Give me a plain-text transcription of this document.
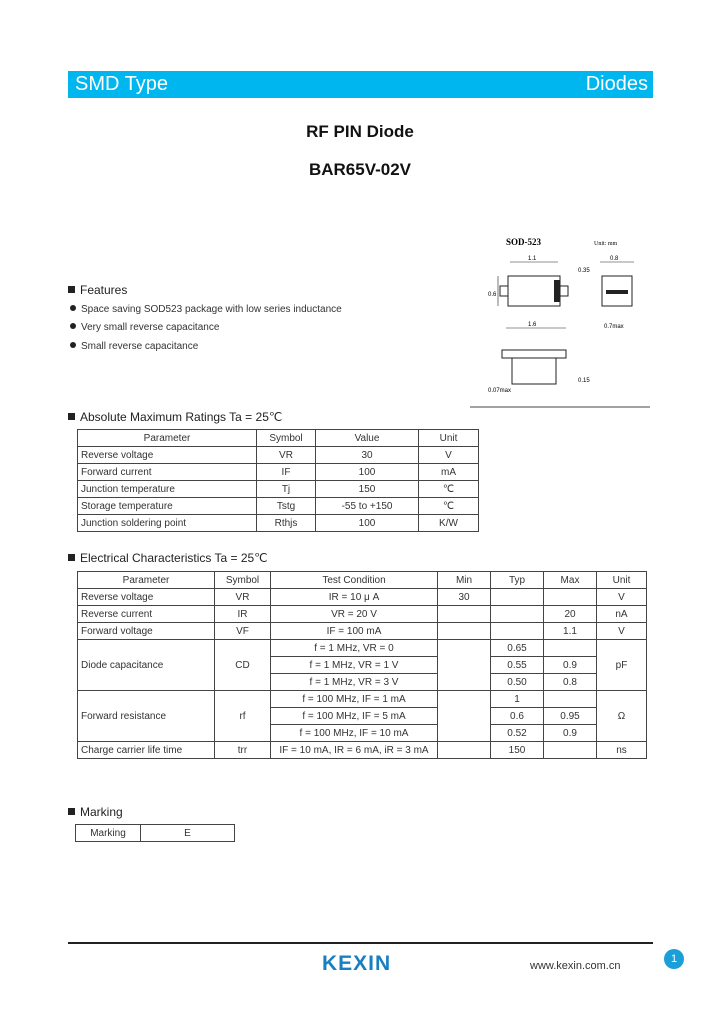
SMD Type	Diodes
RF PIN Diode
BAR65V-02V
SOD-523	Unit: mm
1.1
0.6
0.35
1.6
0.8
0.7max
0.07max
0.15
Features
Space saving SOD523 package with low series inductance
Very small reverse capacitance
Small reverse capacitance
Absolute Maximum Ratings Ta = 25℃
Parameter	Symbol	Value	Unit
Reverse voltage	VR	30	V
Forward current	IF	100	mA
Junction temperature	Tj	150	℃
Storage temperature	Tstg	-55 to +150	℃
Junction soldering point	Rthjs	100	K/W
Electrical Characteristics Ta = 25℃
Parameter	Symbol	Test Condition	Min	Typ	Max	Unit
Reverse voltage	VR	IR = 10 μ A	30			V
Reverse current	IR	VR = 20 V			20	nA
Forward voltage	VF	IF = 100 mA			1.1	V
Diode capacitance	CD	f = 1 MHz, VR = 0		0.65		pF
		f = 1 MHz, VR = 1 V		0.55	0.9	
		f = 1 MHz, VR = 3 V		0.50	0.8	
Forward resistance	rf	f = 100 MHz, IF = 1 mA		1		Ω
		f = 100 MHz, IF = 5 mA		0.6	0.95	
		f = 100 MHz, IF = 10 mA		0.52	0.9	
Charge carrier life time	trr	IF = 10 mA, IR = 6 mA, iR = 3 mA		150		ns
Marking
Marking	E
KEXIN	www.kexin.com.cn
1
